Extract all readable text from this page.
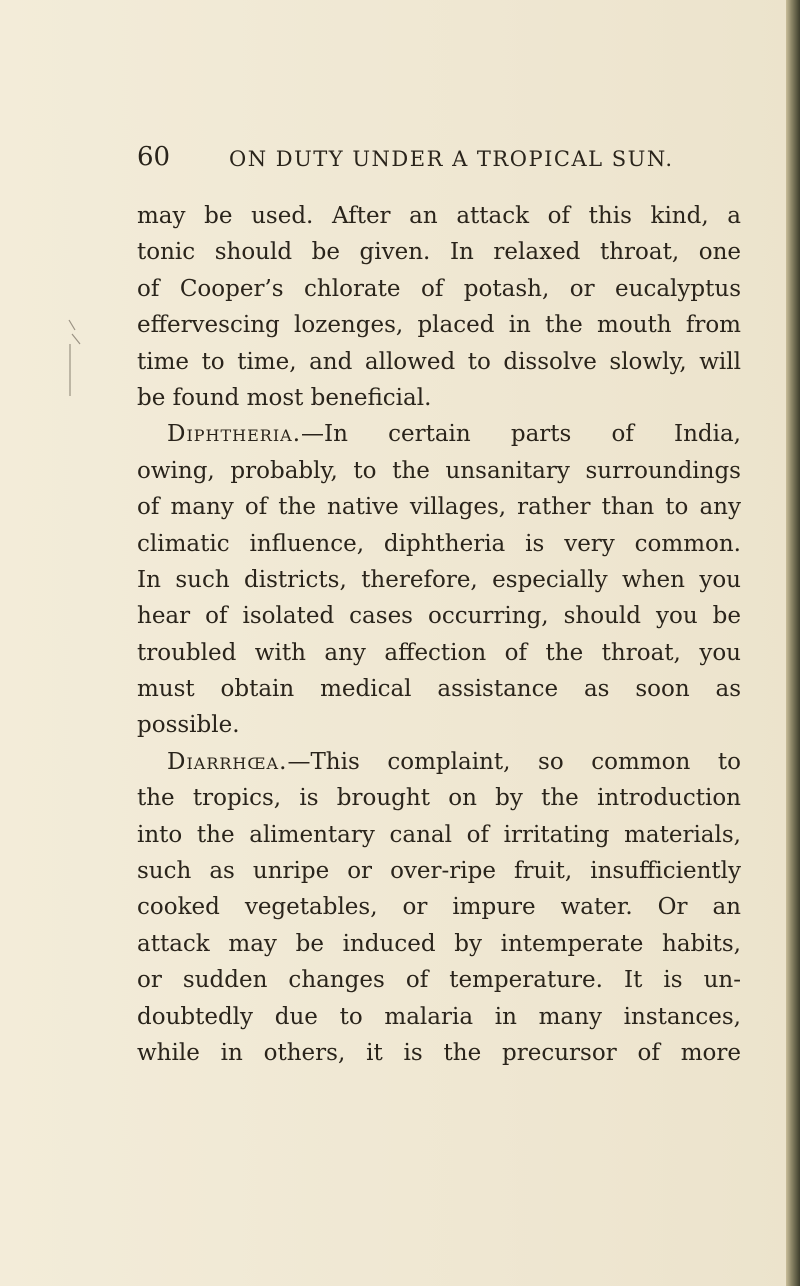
60	ON DUTY UNDER A TROPICAL SUN.
may be used. After an attack of this kind, a
tonic should be given. In relaxed throat, one
of Cooper’s chlorate of potash, or eucalyptus
effervescing lozenges, placed in the mouth from
time to time, and allowed to dissolve slowly, will
be found most beneficial.
Diphtheria.—In certain parts of India,
owing, probably, to the unsanitary surroundings
of many of the native villages, rather than to any
climatic influence, diphtheria is very common.
In such districts, therefore, especially when you
hear of isolated cases occurring, should you be
troubled with any affection of the throat, you
must obtain medical assistance as soon as
possible.
Diarrhœa.—This complaint, so common to
the tropics, is brought on by the introduction
into the alimentary canal of irritating materials,
such as unripe or over-ripe fruit, insufficiently
cooked vegetables, or impure water. Or an
attack may be induced by intemperate habits,
or sudden changes of temperature. It is un-
doubtedly due to malaria in many instances,
while in others, it is the precursor of more
